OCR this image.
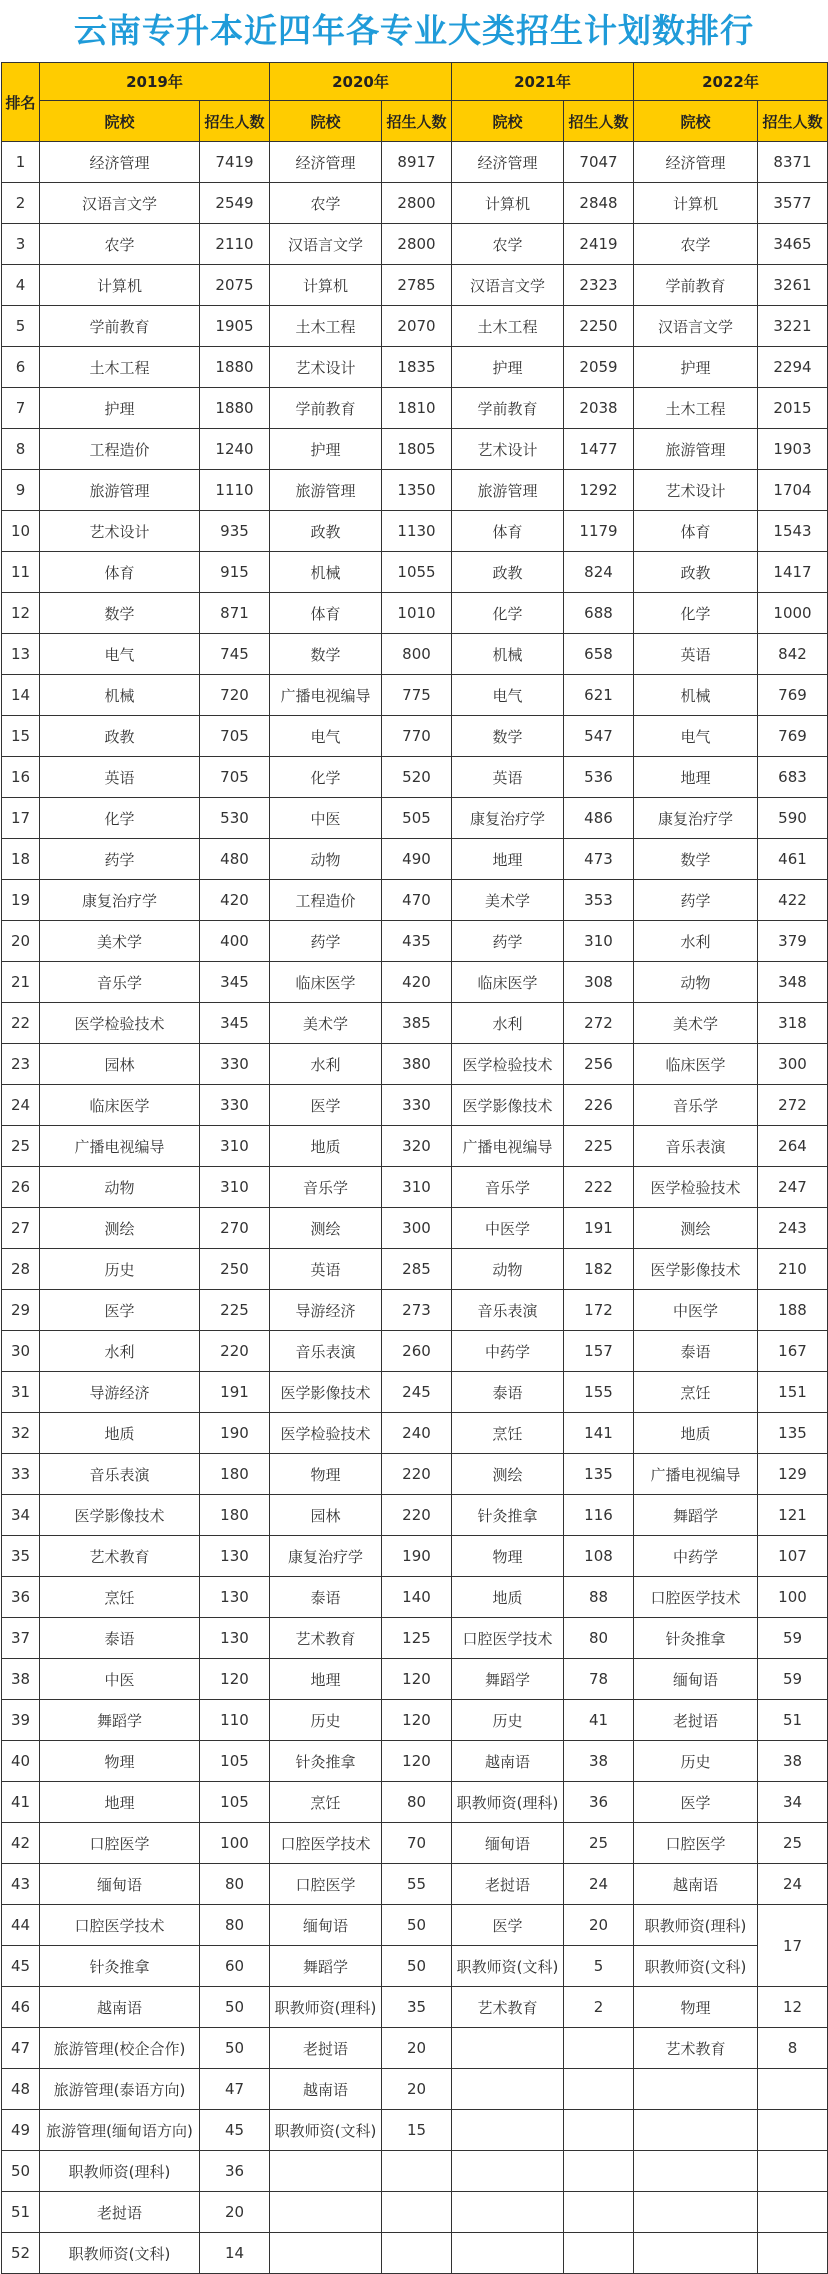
云南专升本近四年各专业大类招生计划数排行
排名	2019年		2020年		2021年		2022年	
	院校	招生人数	院校	招生人数	院校	招生人数	院校	招生人数
1	经济管理	7419	经济管理	8917	经济管理	7047	经济管理	8371
2	汉语言文学	2549	农学	2800	计算机	2848	计算机	3577
3	农学	2110	汉语言文学	2800	农学	2419	农学	3465
4	计算机	2075	计算机	2785	汉语言文学	2323	学前教育	3261
5	学前教育	1905	土木工程	2070	土木工程	2250	汉语言文学	3221
6	土木工程	1880	艺术设计	1835	护理	2059	护理	2294
7	护理	1880	学前教育	1810	学前教育	2038	土木工程	2015
8	工程造价	1240	护理	1805	艺术设计	1477	旅游管理	1903
9	旅游管理	1110	旅游管理	1350	旅游管理	1292	艺术设计	1704
10	艺术设计	935	政教	1130	体育	1179	体育	1543
11	体育	915	机械	1055	政教	824	政教	1417
12	数学	871	体育	1010	化学	688	化学	1000
13	电气	745	数学	800	机械	658	英语	842
14	机械	720	广播电视编导	775	电气	621	机械	769
15	政教	705	电气	770	数学	547	电气	769
16	英语	705	化学	520	英语	536	地理	683
17	化学	530	中医	505	康复治疗学	486	康复治疗学	590
18	药学	480	动物	490	地理	473	数学	461
19	康复治疗学	420	工程造价	470	美术学	353	药学	422
20	美术学	400	药学	435	药学	310	水利	379
21	音乐学	345	临床医学	420	临床医学	308	动物	348
22	医学检验技术	345	美术学	385	水利	272	美术学	318
23	园林	330	水利	380	医学检验技术	256	临床医学	300
24	临床医学	330	医学	330	医学影像技术	226	音乐学	272
25	广播电视编导	310	地质	320	广播电视编导	225	音乐表演	264
26	动物	310	音乐学	310	音乐学	222	医学检验技术	247
27	测绘	270	测绘	300	中医学	191	测绘	243
28	历史	250	英语	285	动物	182	医学影像技术	210
29	医学	225	导游经济	273	音乐表演	172	中医学	188
30	水利	220	音乐表演	260	中药学	157	泰语	167
31	导游经济	191	医学影像技术	245	泰语	155	烹饪	151
32	地质	190	医学检验技术	240	烹饪	141	地质	135
33	音乐表演	180	物理	220	测绘	135	广播电视编导	129
34	医学影像技术	180	园林	220	针灸推拿	116	舞蹈学	121
35	艺术教育	130	康复治疗学	190	物理	108	中药学	107
36	烹饪	130	泰语	140	地质	88	口腔医学技术	100
37	泰语	130	艺术教育	125	口腔医学技术	80	针灸推拿	59
38	中医	120	地理	120	舞蹈学	78	缅甸语	59
39	舞蹈学	110	历史	120	历史	41	老挝语	51
40	物理	105	针灸推拿	120	越南语	38	历史	38
41	地理	105	烹饪	80	职教师资(理科)	36	医学	34
42	口腔医学	100	口腔医学技术	70	缅甸语	25	口腔医学	25
43	缅甸语	80	口腔医学	55	老挝语	24	越南语	24
44	口腔医学技术	80	缅甸语	50	医学	20	职教师资(理科)	17
45	针灸推拿	60	舞蹈学	50	职教师资(文科)	5	职教师资(文科)	
46	越南语	50	职教师资(理科)	35	艺术教育	2	物理	12
47	旅游管理(校企合作)	50	老挝语	20			艺术教育	8
48	旅游管理(泰语方向)	47	越南语	20				
49	旅游管理(缅甸语方向)	45	职教师资(文科)	15				
50	职教师资(理科)	36						
51	老挝语	20						
52	职教师资(文科)	14						
